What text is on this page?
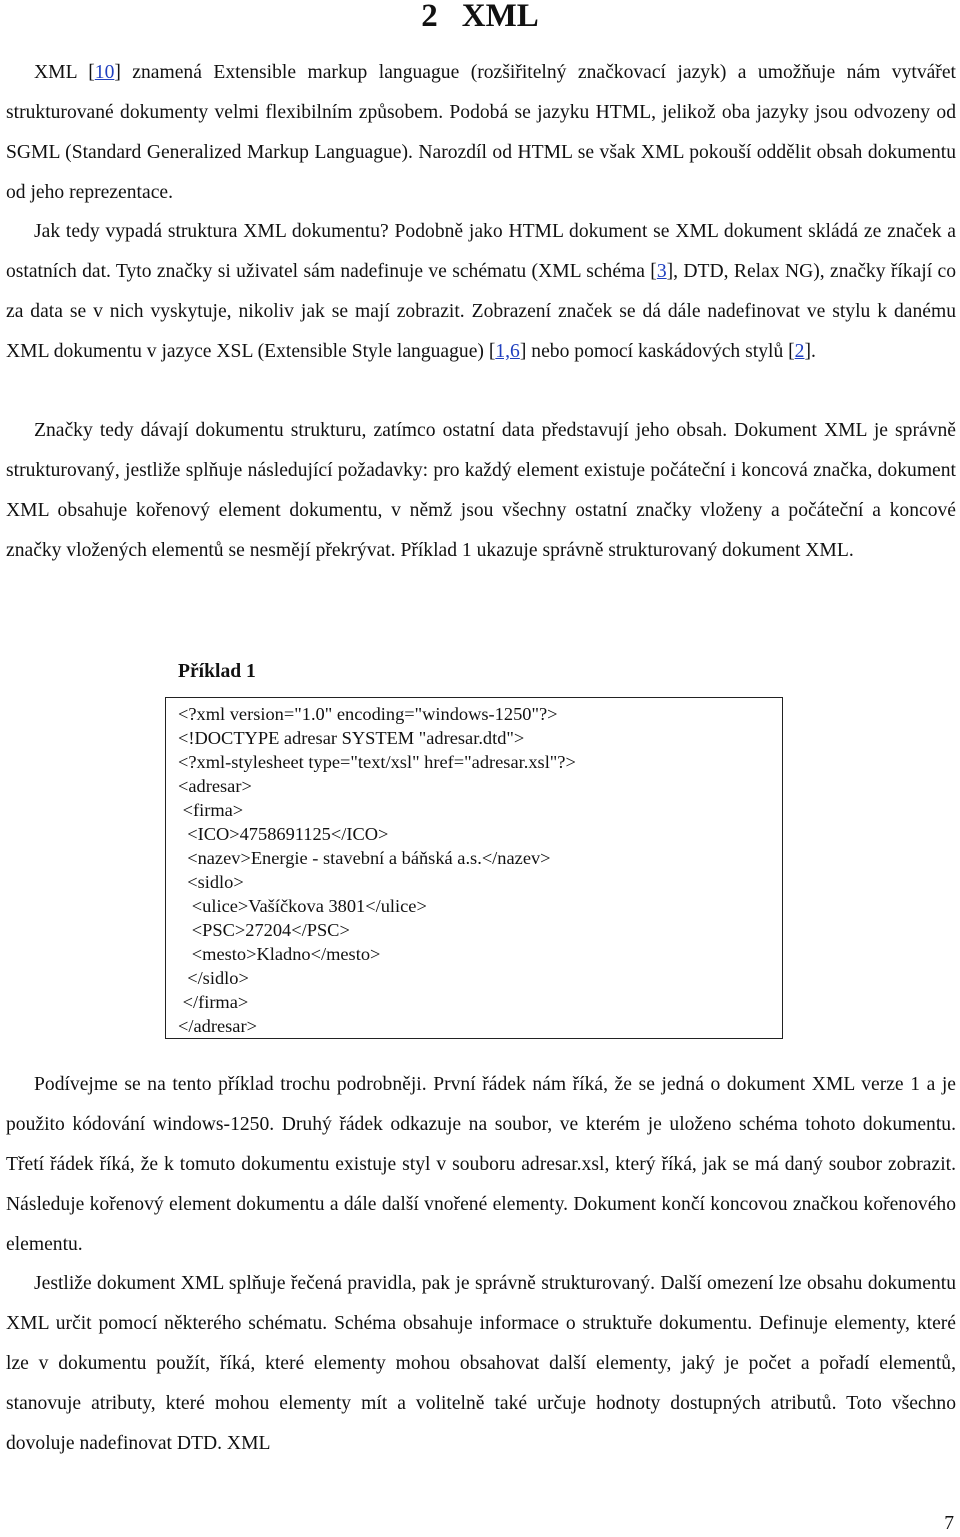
2 XML
XML [10] znamená Extensible markup languague (rozšiřitelný značkovací jazyk) a umožňuje nám vytvářet strukturované dokumenty velmi flexibilním způsobem. Podobá se jazyku HTML, jelikož oba jazyky jsou odvozeny od SGML (Standard Generalized Markup Languague). Narozdíl od HTML se však XML pokouší oddělit obsah dokumentu od jeho reprezentace.
Jak tedy vypadá struktura XML dokumentu? Podobně jako HTML dokument se XML dokument skládá ze značek a ostatních dat. Tyto značky si uživatel sám nadefinuje ve schématu (XML schéma [3], DTD, Relax NG), značky říkají co za data se v nich vyskytuje, nikoliv jak se mají zobrazit. Zobrazení značek se dá dále nadefinovat ve stylu k danému XML dokumentu v jazyce XSL (Extensible Style languague) [1,6] nebo pomocí kaskádových stylů [2].
Značky tedy dávají dokumentu strukturu, zatímco ostatní data představují jeho obsah. Dokument XML je správně strukturovaný, jestliže splňuje následující požadavky: pro každý element existuje počáteční i koncová značka, dokument XML obsahuje kořenový element dokumentu, v němž jsou všechny ostatní značky vloženy a počáteční a koncové značky vložených elementů se nesmějí překrývat. Příklad 1 ukazuje správně strukturovaný dokument XML.
Příklad 1
<?xml version="1.0" encoding="windows-1250"?>
<!DOCTYPE adresar SYSTEM "adresar.dtd">
<?xml-stylesheet type="text/xsl" href="adresar.xsl"?>
<adresar>
<firma>
<ICO>4758691125</ICO>
<nazev>Energie - stavební a báňská a.s.</nazev>
<sidlo>
<ulice>Vašíčkova 3801</ulice>
<PSC>27204</PSC>
<mesto>Kladno</mesto>
</sidlo>
</firma>
</adresar>
Podívejme se na tento příklad trochu podrobněji. První řádek nám říká, že se jedná o dokument XML verze 1 a je použito kódování windows-1250. Druhý řádek odkazuje na soubor, ve kterém je uloženo schéma tohoto dokumentu. Třetí řádek říká, že k tomuto dokumentu existuje styl v souboru adresar.xsl, který říká, jak se má daný soubor zobrazit. Následuje kořenový element dokumentu a dále další vnořené elementy. Dokument končí koncovou značkou kořenového elementu.
Jestliže dokument XML splňuje řečená pravidla, pak je správně strukturovaný. Další omezení lze obsahu dokumentu XML určit pomocí některého schématu. Schéma obsahuje informace o struktuře dokumentu. Definuje elementy, které lze v dokumentu použít, říká, které elementy mohou obsahovat další elementy, jaký je počet a pořadí elementů, stanovuje atributy, které mohou elementy mít a volitelně také určuje hodnoty dostupných atributů. Toto všechno dovoluje nadefinovat DTD. XML
7
